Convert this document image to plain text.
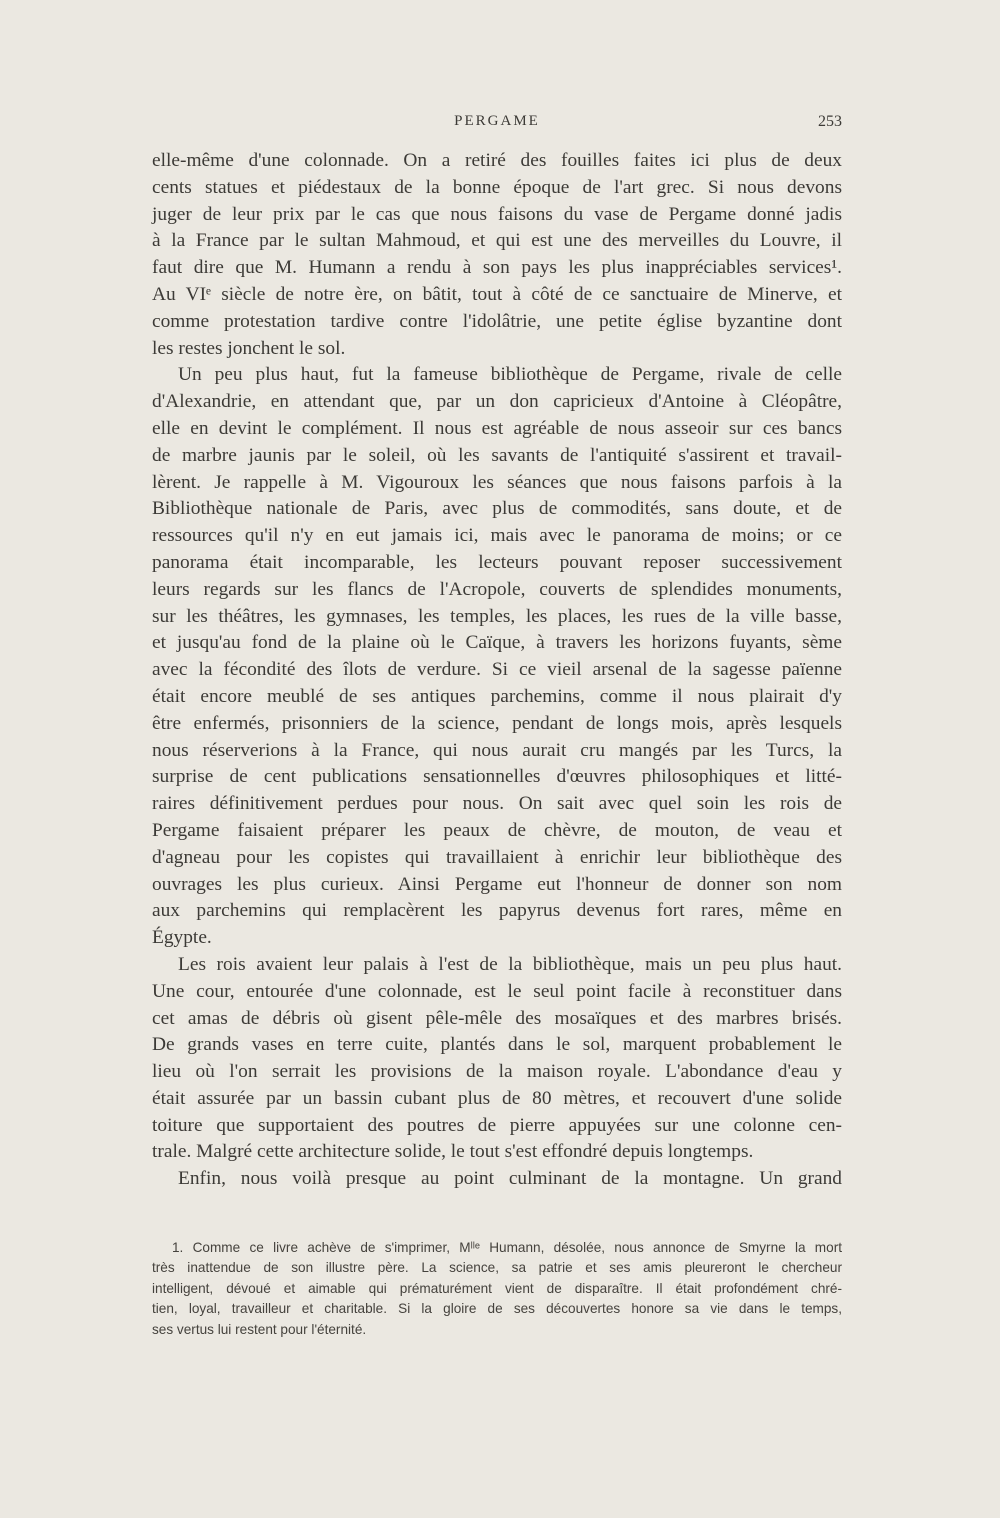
PERGAME	253
elle-même d'une colonnade. On a retiré des fouilles faites ici plus de deux
cents statues et piédestaux de la bonne époque de l'art grec. Si nous devons
juger de leur prix par le cas que nous faisons du vase de Pergame donné jadis
à la France par le sultan Mahmoud, et qui est une des merveilles du Louvre, il
faut dire que M. Humann a rendu à son pays les plus inappréciables services¹.
Au VIᵉ siècle de notre ère, on bâtit, tout à côté de ce sanctuaire de Minerve, et
comme protestation tardive contre l'idolâtrie, une petite église byzantine dont
les restes jonchent le sol.
Un peu plus haut, fut la fameuse bibliothèque de Pergame, rivale de celle
d'Alexandrie, en attendant que, par un don capricieux d'Antoine à Cléopâtre,
elle en devint le complément. Il nous est agréable de nous asseoir sur ces bancs
de marbre jaunis par le soleil, où les savants de l'antiquité s'assirent et travail-
lèrent. Je rappelle à M. Vigouroux les séances que nous faisons parfois à la
Bibliothèque nationale de Paris, avec plus de commodités, sans doute, et de
ressources qu'il n'y en eut jamais ici, mais avec le panorama de moins; or ce
panorama était incomparable, les lecteurs pouvant reposer successivement
leurs regards sur les flancs de l'Acropole, couverts de splendides monuments,
sur les théâtres, les gymnases, les temples, les places, les rues de la ville basse,
et jusqu'au fond de la plaine où le Caïque, à travers les horizons fuyants, sème
avec la fécondité des îlots de verdure. Si ce vieil arsenal de la sagesse païenne
était encore meublé de ses antiques parchemins, comme il nous plairait d'y
être enfermés, prisonniers de la science, pendant de longs mois, après lesquels
nous réserverions à la France, qui nous aurait cru mangés par les Turcs, la
surprise de cent publications sensationnelles d'œuvres philosophiques et litté-
raires définitivement perdues pour nous. On sait avec quel soin les rois de
Pergame faisaient préparer les peaux de chèvre, de mouton, de veau et
d'agneau pour les copistes qui travaillaient à enrichir leur bibliothèque des
ouvrages les plus curieux. Ainsi Pergame eut l'honneur de donner son nom
aux parchemins qui remplacèrent les papyrus devenus fort rares, même en
Égypte.
Les rois avaient leur palais à l'est de la bibliothèque, mais un peu plus haut.
Une cour, entourée d'une colonnade, est le seul point facile à reconstituer dans
cet amas de débris où gisent pêle-mêle des mosaïques et des marbres brisés.
De grands vases en terre cuite, plantés dans le sol, marquent probablement le
lieu où l'on serrait les provisions de la maison royale. L'abondance d'eau y
était assurée par un bassin cubant plus de 80 mètres, et recouvert d'une solide
toiture que supportaient des poutres de pierre appuyées sur une colonne cen-
trale. Malgré cette architecture solide, le tout s'est effondré depuis longtemps.
Enfin, nous voilà presque au point culminant de la montagne. Un grand
1. Comme ce livre achève de s'imprimer, Mˡˡᵉ Humann, désolée, nous annonce de Smyrne la mort
très inattendue de son illustre père. La science, sa patrie et ses amis pleureront le chercheur
intelligent, dévoué et aimable qui prématurément vient de disparaître. Il était profondément chré-
tien, loyal, travailleur et charitable. Si la gloire de ses découvertes honore sa vie dans le temps,
ses vertus lui restent pour l'éternité.
